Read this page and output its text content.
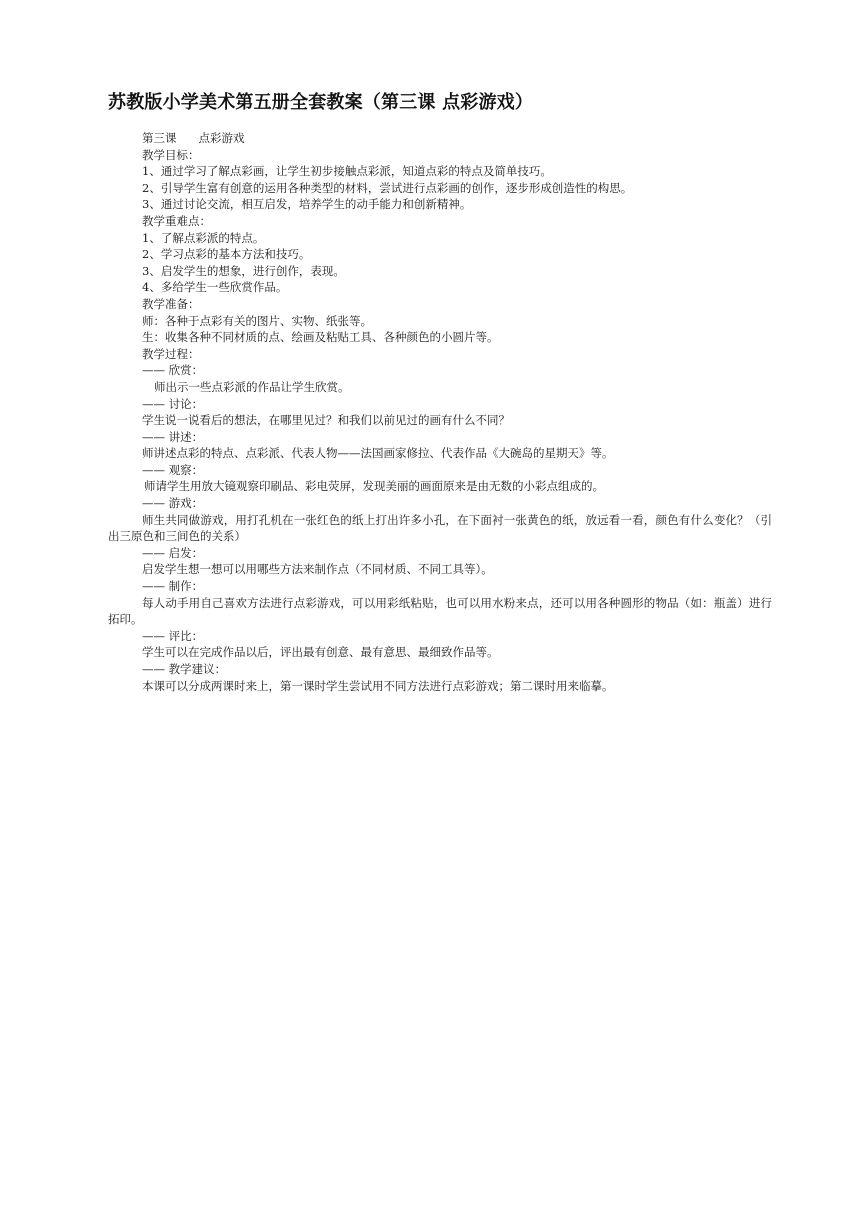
苏教版小学美术第五册全套教案（第三课 点彩游戏）
第三课 点彩游戏
教学目标：
1、通过学习了解点彩画，让学生初步接触点彩派，知道点彩的特点及简单技巧。
2、引导学生富有创意的运用各种类型的材料，尝试进行点彩画的创作，逐步形成创造性的构思。
3、通过讨论交流，相互启发，培养学生的动手能力和创新精神。
教学重难点：
1、了解点彩派的特点。
2、学习点彩的基本方法和技巧。
3、启发学生的想象，进行创作，表现。
4、多给学生一些欣赏作品。
教学准备：
师：各种于点彩有关的图片、实物、纸张等。
生：收集各种不同材质的点、绘画及粘贴工具、各种颜色的小圆片等。
教学过程：
—— 欣赏：
师出示一些点彩派的作品让学生欣赏。
—— 讨论：
学生说一说看后的想法，在哪里见过？和我们以前见过的画有什么不同？
—— 讲述：
师讲述点彩的特点、点彩派、代表人物——法国画家修拉、代表作品《大碗岛的星期天》等。
—— 观察：
师请学生用放大镜观察印刷品、彩电荧屏，发现美丽的画面原来是由无数的小彩点组成的。
—— 游戏：
师生共同做游戏，用打孔机在一张红色的纸上打出许多小孔，在下面衬一张黄色的纸，放远看一看，颜色有什么变化？（引出三原色和三间色的关系）
—— 启发：
启发学生想一想可以用哪些方法来制作点（不同材质、不同工具等）。
—— 制作：
每人动手用自己喜欢方法进行点彩游戏，可以用彩纸粘贴，也可以用水粉来点，还可以用各种圆形的物品（如：瓶盖）进行拓印。
—— 评比：
学生可以在完成作品以后，评出最有创意、最有意思、最细致作品等。
—— 教学建议：
本课可以分成两课时来上，第一课时学生尝试用不同方法进行点彩游戏；第二课时用来临摹。
